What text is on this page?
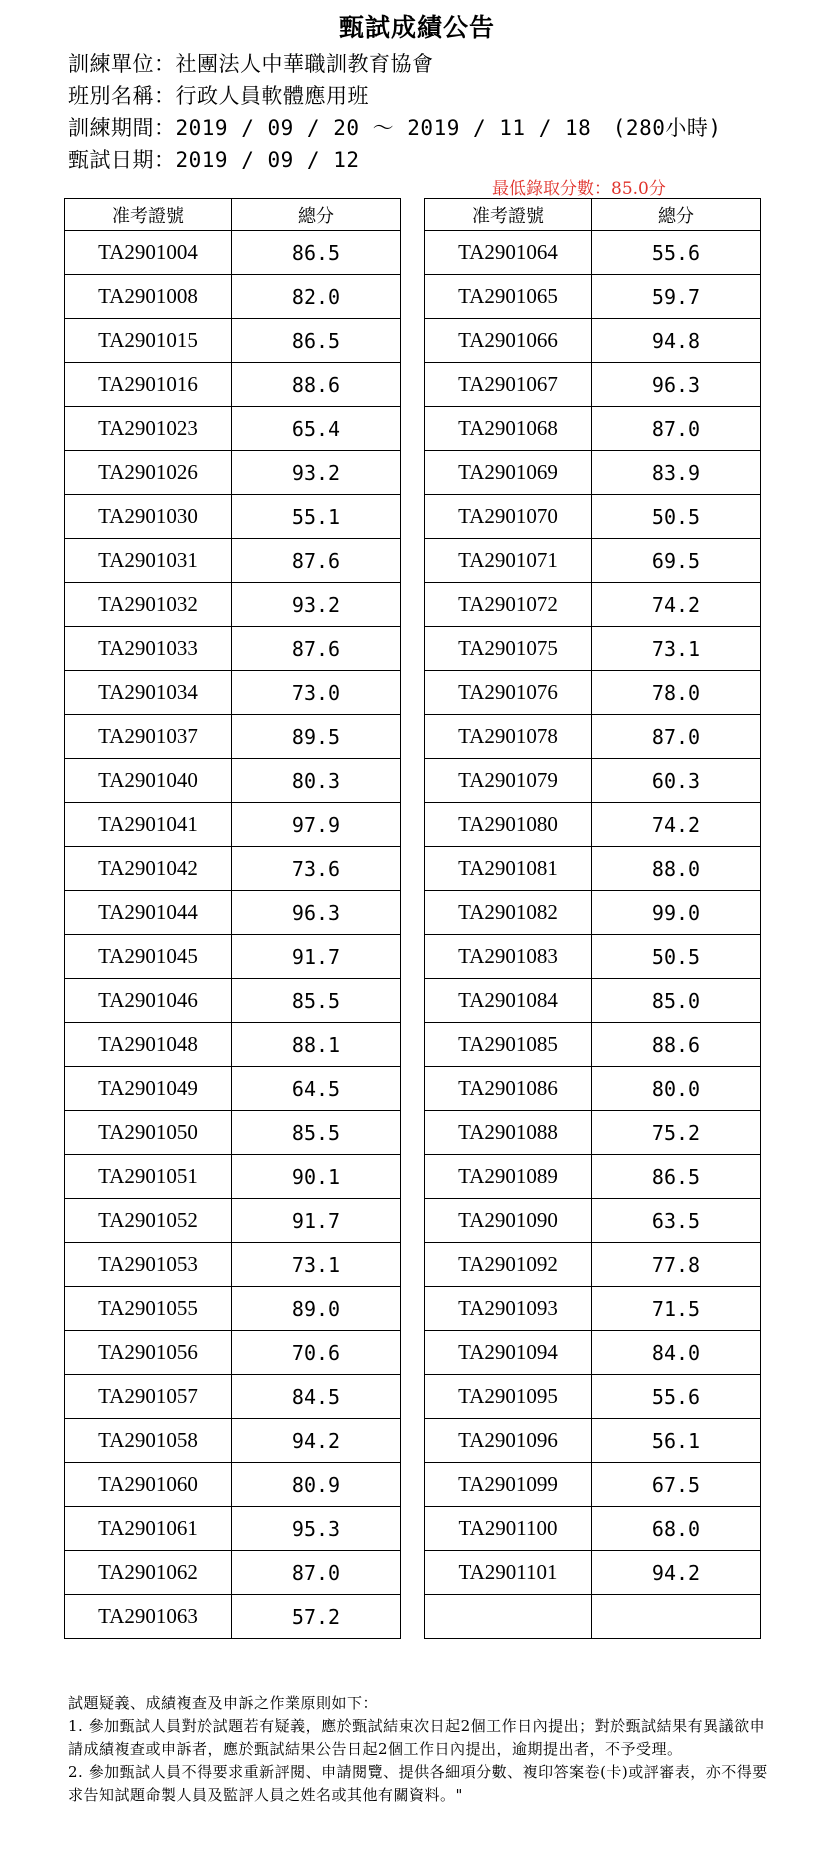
甄試成績公告
訓練單位：社團法人中華職訓教育協會
班別名稱：行政人員軟體應用班
訓練期間：2019 / 09 / 20 ～ 2019 / 11 / 18　(280小時)
甄試日期：2019 / 09 / 12
最低錄取分數：85.0分
准考證號	總分
TA2901004	86.5
TA2901008	82.0
TA2901015	86.5
TA2901016	88.6
TA2901023	65.4
TA2901026	93.2
TA2901030	55.1
TA2901031	87.6
TA2901032	93.2
TA2901033	87.6
TA2901034	73.0
TA2901037	89.5
TA2901040	80.3
TA2901041	97.9
TA2901042	73.6
TA2901044	96.3
TA2901045	91.7
TA2901046	85.5
TA2901048	88.1
TA2901049	64.5
TA2901050	85.5
TA2901051	90.1
TA2901052	91.7
TA2901053	73.1
TA2901055	89.0
TA2901056	70.6
TA2901057	84.5
TA2901058	94.2
TA2901060	80.9
TA2901061	95.3
TA2901062	87.0
TA2901063	57.2
准考證號	總分
TA2901064	55.6
TA2901065	59.7
TA2901066	94.8
TA2901067	96.3
TA2901068	87.0
TA2901069	83.9
TA2901070	50.5
TA2901071	69.5
TA2901072	74.2
TA2901075	73.1
TA2901076	78.0
TA2901078	87.0
TA2901079	60.3
TA2901080	74.2
TA2901081	88.0
TA2901082	99.0
TA2901083	50.5
TA2901084	85.0
TA2901085	88.6
TA2901086	80.0
TA2901088	75.2
TA2901089	86.5
TA2901090	63.5
TA2901092	77.8
TA2901093	71.5
TA2901094	84.0
TA2901095	55.6
TA2901096	56.1
TA2901099	67.5
TA2901100	68.0
TA2901101	94.2

試題疑義、成績複查及申訴之作業原則如下：

1. 參加甄試人員對於試題若有疑義，應於甄試結束次日起2個工作日內提出；對於甄試結果有異議欲申請成績複查或申訴者，應於甄試結果公告日起2個工作日內提出，逾期提出者，不予受理。

2. 參加甄試人員不得要求重新評閱、申請閱覽、提供各細項分數、複印答案卷(卡)或評審表，亦不得要求告知試題命製人員及監評人員之姓名或其他有關資料。"
